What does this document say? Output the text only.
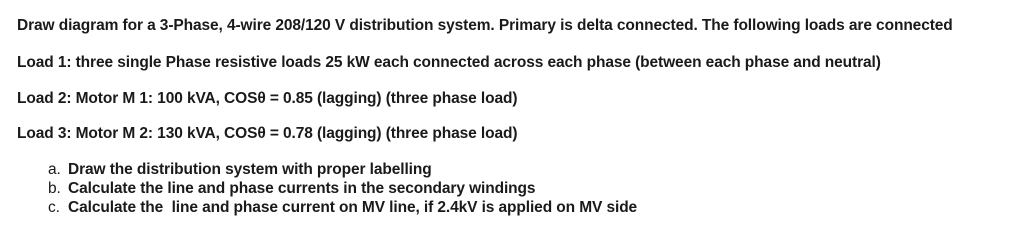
Draw diagram for a 3-Phase, 4-wire 208/120 V distribution system. Primary is delta connected. The following loads are connected
Load 1: three single Phase resistive loads 25 kW each connected across each phase (between each phase and neutral)
Load 2: Motor M 1: 100 kVA, COSθ = 0.85 (lagging) (three phase load)
Load 3: Motor M 2: 130 kVA, COSθ = 0.78 (lagging) (three phase load)
a. Draw the distribution system with proper labelling
b. Calculate the line and phase currents in the secondary windings
c. Calculate the  line and phase current on MV line, if 2.4kV is applied on MV side
